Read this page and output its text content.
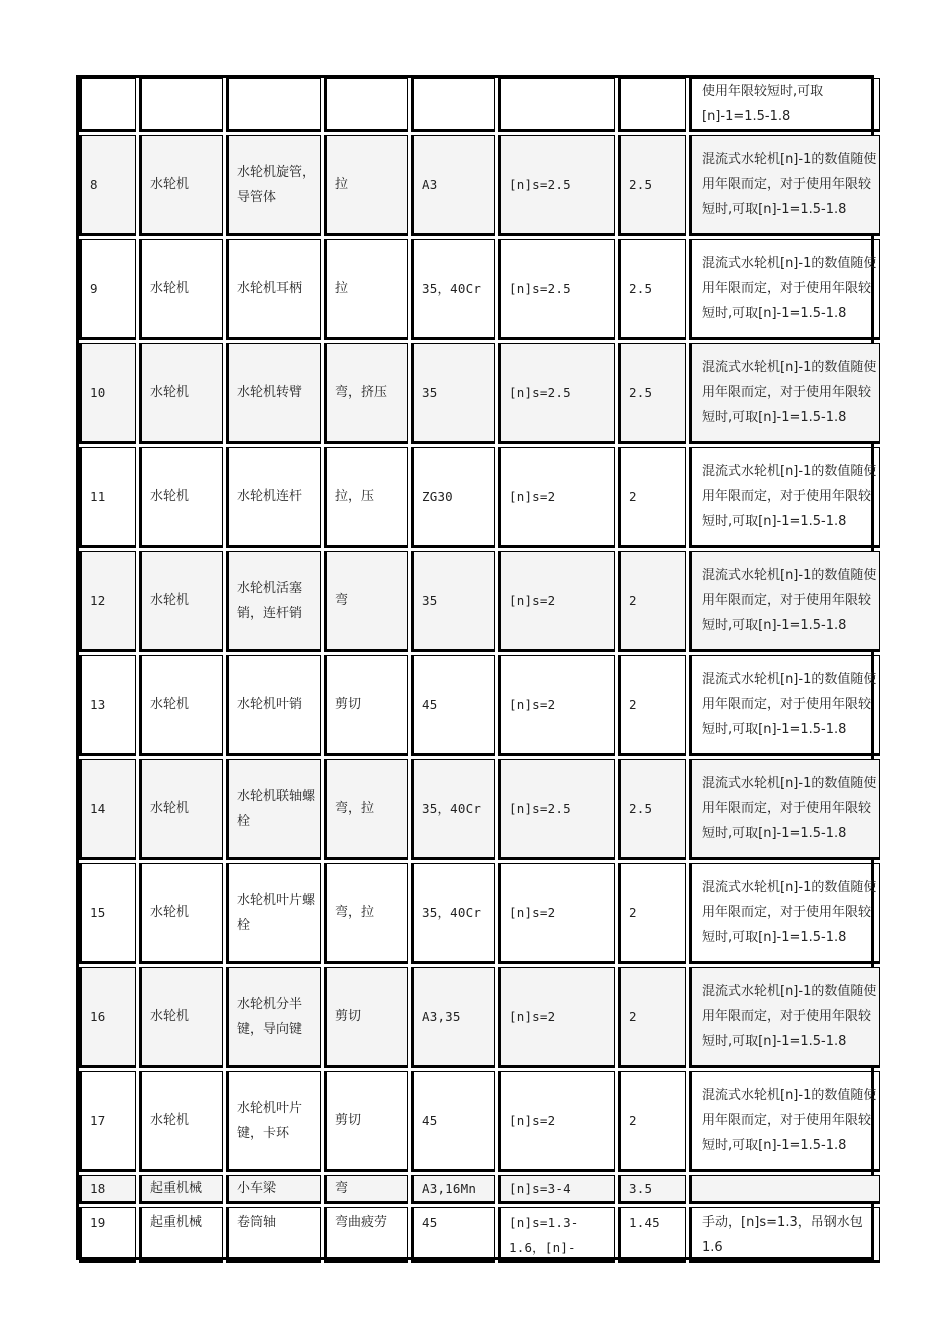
							使用年限较短时,可取[n]-1=1.5-1.8
8	水轮机	水轮机旋管，导管体	拉	A3	[n]s=2.5	2.5	混流式水轮机[n]-1的数值随使用年限而定，对于使用年限较短时,可取[n]-1=1.5-1.8
9	水轮机	水轮机耳柄	拉	35，40Cr	[n]s=2.5	2.5	混流式水轮机[n]-1的数值随使用年限而定，对于使用年限较短时,可取[n]-1=1.5-1.8
10	水轮机	水轮机转臂	弯，挤压	35	[n]s=2.5	2.5	混流式水轮机[n]-1的数值随使用年限而定，对于使用年限较短时,可取[n]-1=1.5-1.8
11	水轮机	水轮机连杆	拉，压	ZG30	[n]s=2	2	混流式水轮机[n]-1的数值随使用年限而定，对于使用年限较短时,可取[n]-1=1.5-1.8
12	水轮机	水轮机活塞销，连杆销	弯	35	[n]s=2	2	混流式水轮机[n]-1的数值随使用年限而定，对于使用年限较短时,可取[n]-1=1.5-1.8
13	水轮机	水轮机叶销	剪切	45	[n]s=2	2	混流式水轮机[n]-1的数值随使用年限而定，对于使用年限较短时,可取[n]-1=1.5-1.8
14	水轮机	水轮机联轴螺栓	弯，拉	35，40Cr	[n]s=2.5	2.5	混流式水轮机[n]-1的数值随使用年限而定，对于使用年限较短时,可取[n]-1=1.5-1.8
15	水轮机	水轮机叶片螺栓	弯，拉	35，40Cr	[n]s=2	2	混流式水轮机[n]-1的数值随使用年限而定，对于使用年限较短时,可取[n]-1=1.5-1.8
16	水轮机	水轮机分半键，导向键	剪切	A3,35	[n]s=2	2	混流式水轮机[n]-1的数值随使用年限而定，对于使用年限较短时,可取[n]-1=1.5-1.8
17	水轮机	水轮机叶片键，卡环	剪切	45	[n]s=2	2	混流式水轮机[n]-1的数值随使用年限而定，对于使用年限较短时,可取[n]-1=1.5-1.8
18	起重机械	小车梁	弯	A3,16Mn	[n]s=3-4	3.5	
19	起重机械	卷筒轴	弯曲疲劳	45	[n]s=1.3-1.6，[n]-	1.45	手动，[n]s=1.3，吊钢水包1.6
